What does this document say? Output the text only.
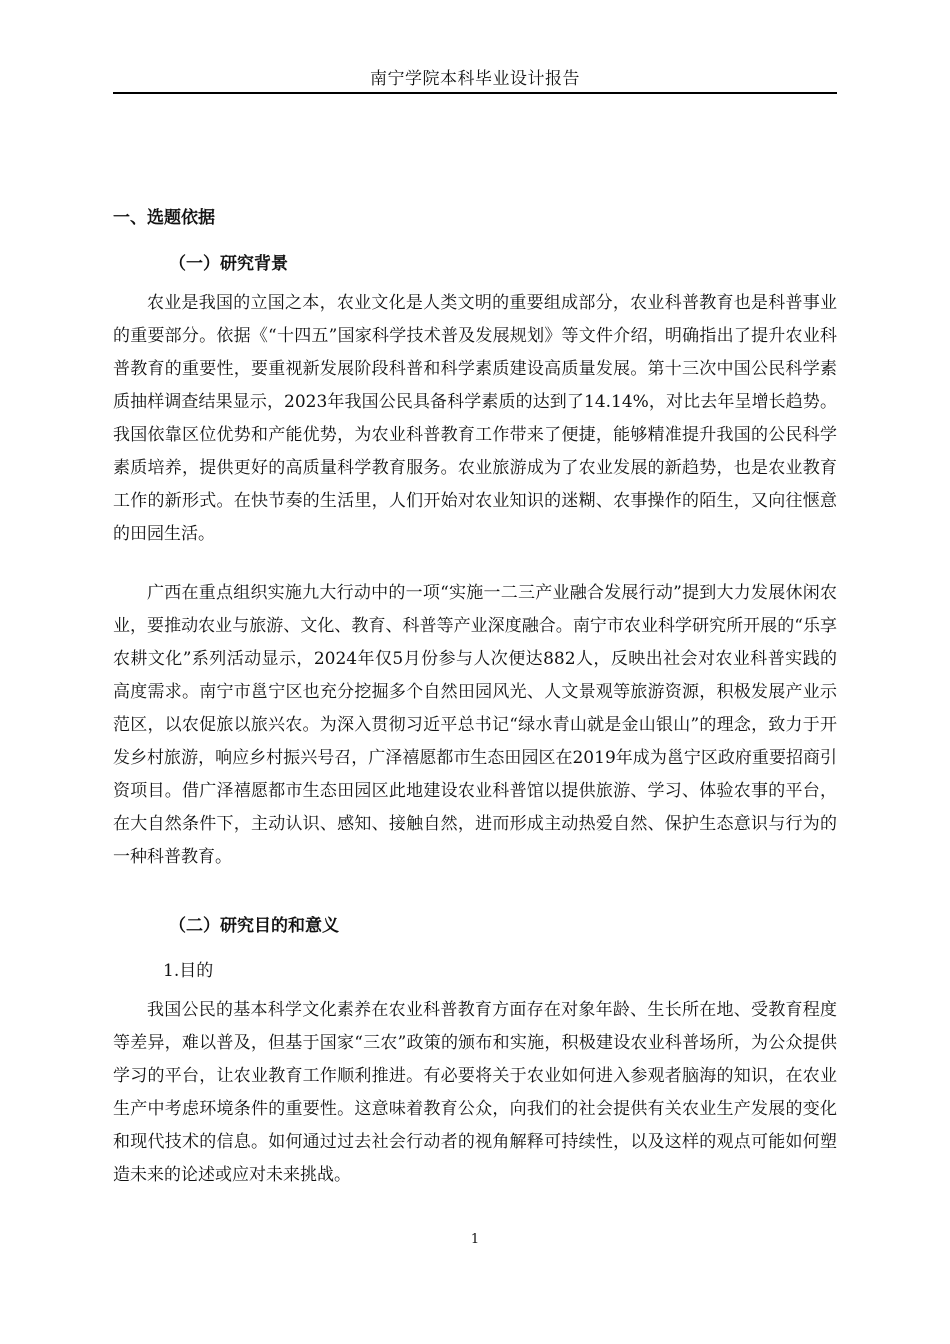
南宁学院本科毕业设计报告
一、选题依据
（一）研究背景

农业是我国的立国之本，农业文化是人类文明的重要组成部分，农业科普教育也是科普事业的重要部分。依据《“十四五”国家科学技术普及发展规划》等文件介绍，明确指出了提升农业科普教育的重要性，要重视新发展阶段科普和科学素质建设高质量发展。第十三次中国公民科学素质抽样调查结果显示，2023年我国公民具备科学素质的达到了14.14%，对比去年呈增长趋势。我国依靠区位优势和产能优势，为农业科普教育工作带来了便捷，能够精准提升我国的公民科学素质培养，提供更好的高质量科学教育服务。农业旅游成为了农业发展的新趋势，也是农业教育工作的新形式。在快节奏的生活里，人们开始对农业知识的迷糊、农事操作的陌生，又向往惬意的田园生活。

广西在重点组织实施九大行动中的一项“实施一二三产业融合发展行动”提到大力发展休闲农业，要推动农业与旅游、文化、教育、科普等产业深度融合。南宁市农业科学研究所开展的“乐享农耕文化”系列活动显示，2024年仅5月份参与人次便达882人，反映出社会对农业科普实践的高度需求。南宁市邕宁区也充分挖掘多个自然田园风光、人文景观等旅游资源，积极发展产业示范区，以农促旅以旅兴农。为深入贯彻习近平总书记“绿水青山就是金山银山”的理念，致力于开发乡村旅游，响应乡村振兴号召，广泽禧愿都市生态田园区在2019年成为邕宁区政府重要招商引资项目。借广泽禧愿都市生态田园区此地建设农业科普馆以提供旅游、学习、体验农事的平台，在大自然条件下，主动认识、感知、接触自然，进而形成主动热爱自然、保护生态意识与行为的一种科普教育。

（二）研究目的和意义
1.目的

我国公民的基本科学文化素养在农业科普教育方面存在对象年龄、生长所在地、受教育程度等差异，难以普及，但基于国家“三农”政策的颁布和实施，积极建设农业科普场所，为公众提供学习的平台，让农业教育工作顺利推进。有必要将关于农业如何进入参观者脑海的知识，在农业生产中考虑环境条件的重要性。这意味着教育公众，向我们的社会提供有关农业生产发展的变化和现代技术的信息。如何通过过去社会行动者的视角解释可持续性，以及这样的观点可能如何塑造未来的论述或应对未来挑战。

1
